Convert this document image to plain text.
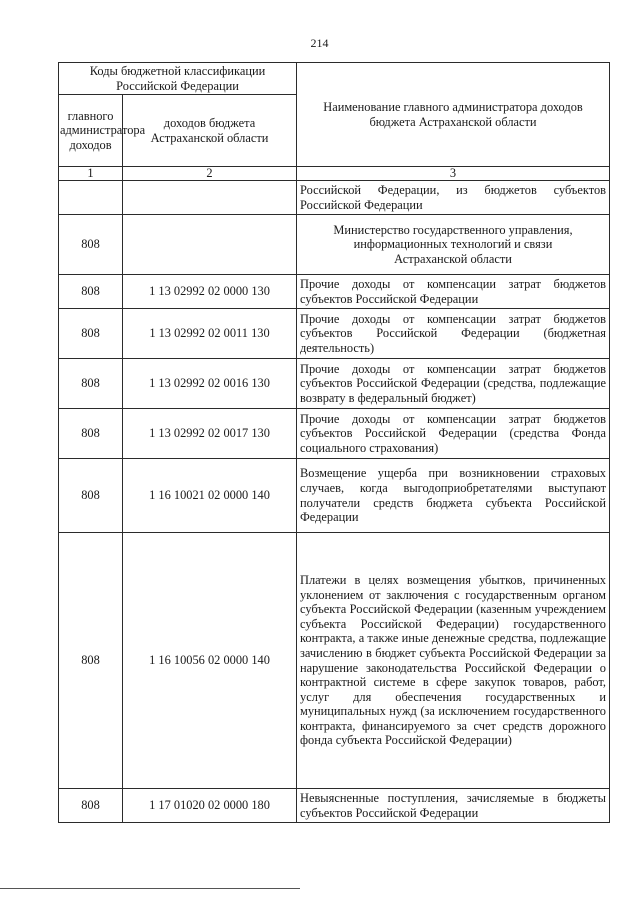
214
Коды бюджетной классификации Российской Федерации		Наименование главного администратора доходов бюджета Астраханской области
главного администратора доходов	доходов бюджета Астраханской области	
1	2	3
		Российской Федерации, из бюджетов субъектов Российской Федерации
808		Министерство государственного управления, информационных технологий и связи Астраханской области
808	1 13 02992 02 0000 130	Прочие доходы от компенсации затрат бюджетов субъектов Российской Федерации
808	1 13 02992 02 0011 130	Прочие доходы от компенсации затрат бюджетов субъектов Российской Федерации (бюджетная деятельность)
808	1 13 02992 02 0016 130	Прочие доходы от компенсации затрат бюджетов субъектов Российской Федерации (средства, подлежащие возврату в федеральный бюджет)
808	1 13 02992 02 0017 130	Прочие доходы от компенсации затрат бюджетов субъектов Российской Федерации (средства Фонда социального страхования)
808	1 16 10021 02 0000 140	Возмещение ущерба при возникновении страховых случаев, когда выгодоприобретателями выступают получатели средств бюджета субъекта Российской Федерации
808	1 16 10056 02 0000 140	Платежи в целях возмещения убытков, причиненных уклонением от заключения с государственным органом субъекта Российской Федерации (казенным учреждением субъекта Российской Федерации) государственного контракта, а также иные денежные средства, подлежащие зачислению в бюджет субъекта Российской Федерации за нарушение законодательства Российской Федерации о контрактной системе в сфере закупок товаров, работ, услуг для обеспечения государственных и муниципальных нужд (за исключением государственного контракта, финансируемого за счет средств дорожного фонда субъекта Российской Федерации)
808	1 17 01020 02 0000 180	Невыясненные поступления, зачисляемые в бюджеты субъектов Российской Федерации
